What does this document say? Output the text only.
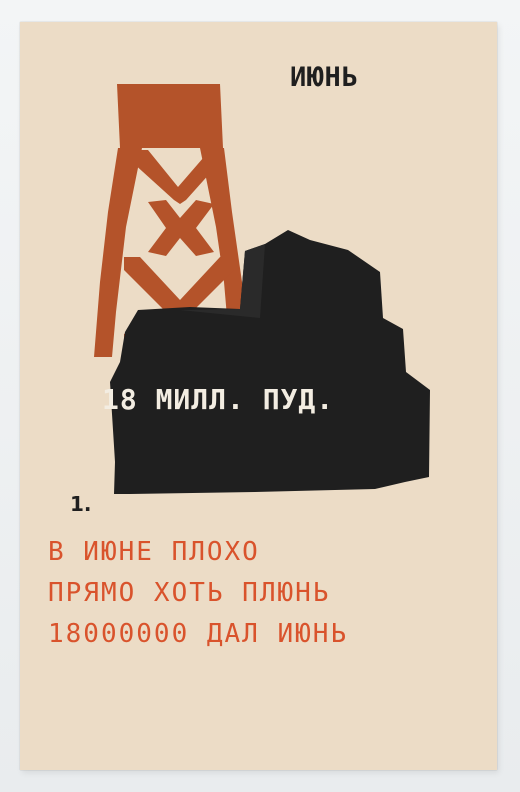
ИЮНЬ
18 МИЛЛ. ПУД.
1.
В ИЮНЕ ПЛОХО
ПРЯМО ХОТЬ ПЛЮНЬ
18000000 ДАЛ ИЮНЬ
